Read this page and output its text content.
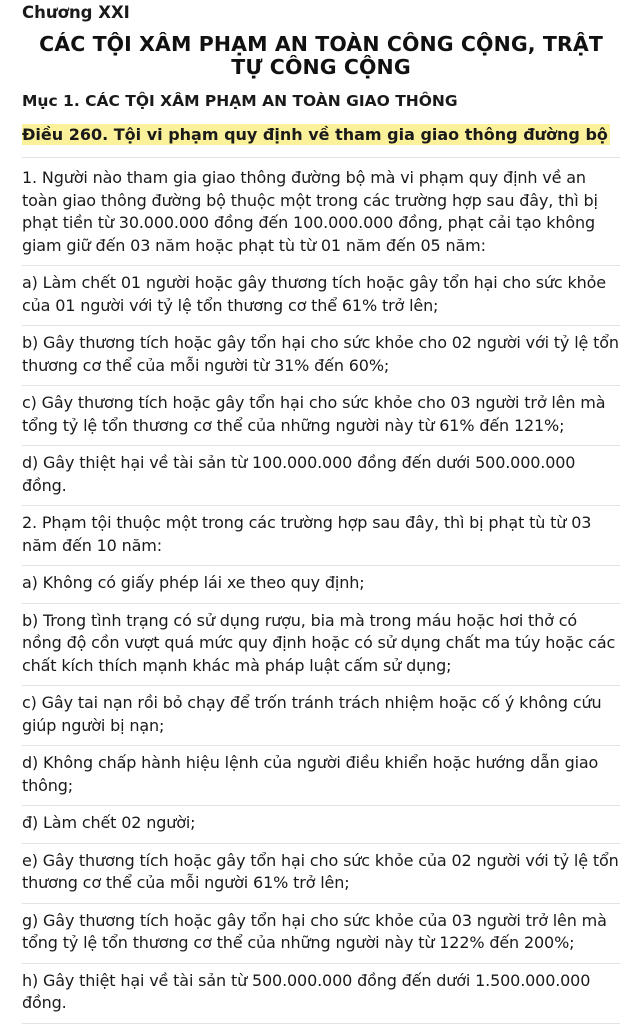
Chương XXI
CÁC TỘI XÂM PHẠM AN TOÀN CÔNG CỘNG, TRẬT TỰ CÔNG CỘNG
Mục 1. CÁC TỘI XÂM PHẠM AN TOÀN GIAO THÔNG
Điều 260. Tội vi phạm quy định về tham gia giao thông đường bộ

1. Người nào tham gia giao thông đường bộ mà vi phạm quy định về an toàn giao thông đường bộ thuộc một trong các trường hợp sau đây, thì bị phạt tiền từ 30.000.000 đồng đến 100.000.000 đồng, phạt cải tạo không giam giữ đến 03 năm hoặc phạt tù từ 01 năm đến 05 năm:

a) Làm chết 01 người hoặc gây thương tích hoặc gây tổn hại cho sức khỏe của 01 người với tỷ lệ tổn thương cơ thể 61% trở lên;

b) Gây thương tích hoặc gây tổn hại cho sức khỏe cho 02 người với tỷ lệ tổn thương cơ thể của mỗi người từ 31% đến 60%;

c) Gây thương tích hoặc gây tổn hại cho sức khỏe cho 03 người trở lên mà tổng tỷ lệ tổn thương cơ thể của những người này từ 61% đến 121%;

d) Gây thiệt hại về tài sản từ 100.000.000 đồng đến dưới 500.000.000 đồng.

2. Phạm tội thuộc một trong các trường hợp sau đây, thì bị phạt tù từ 03 năm đến 10 năm:

a) Không có giấy phép lái xe theo quy định;

b) Trong tình trạng có sử dụng rượu, bia mà trong máu hoặc hơi thở có nồng độ cồn vượt quá mức quy định hoặc có sử dụng chất ma túy hoặc các chất kích thích mạnh khác mà pháp luật cấm sử dụng;

c) Gây tai nạn rồi bỏ chạy để trốn tránh trách nhiệm hoặc cố ý không cứu giúp người bị nạn;

d) Không chấp hành hiệu lệnh của người điều khiển hoặc hướng dẫn giao thông;

đ) Làm chết 02 người;

e) Gây thương tích hoặc gây tổn hại cho sức khỏe của 02 người với tỷ lệ tổn thương cơ thể của mỗi người 61% trở lên;

g) Gây thương tích hoặc gây tổn hại cho sức khỏe của 03 người trở lên mà tổng tỷ lệ tổn thương cơ thể của những người này từ 122% đến 200%;

h) Gây thiệt hại về tài sản từ 500.000.000 đồng đến dưới 1.500.000.000 đồng.
